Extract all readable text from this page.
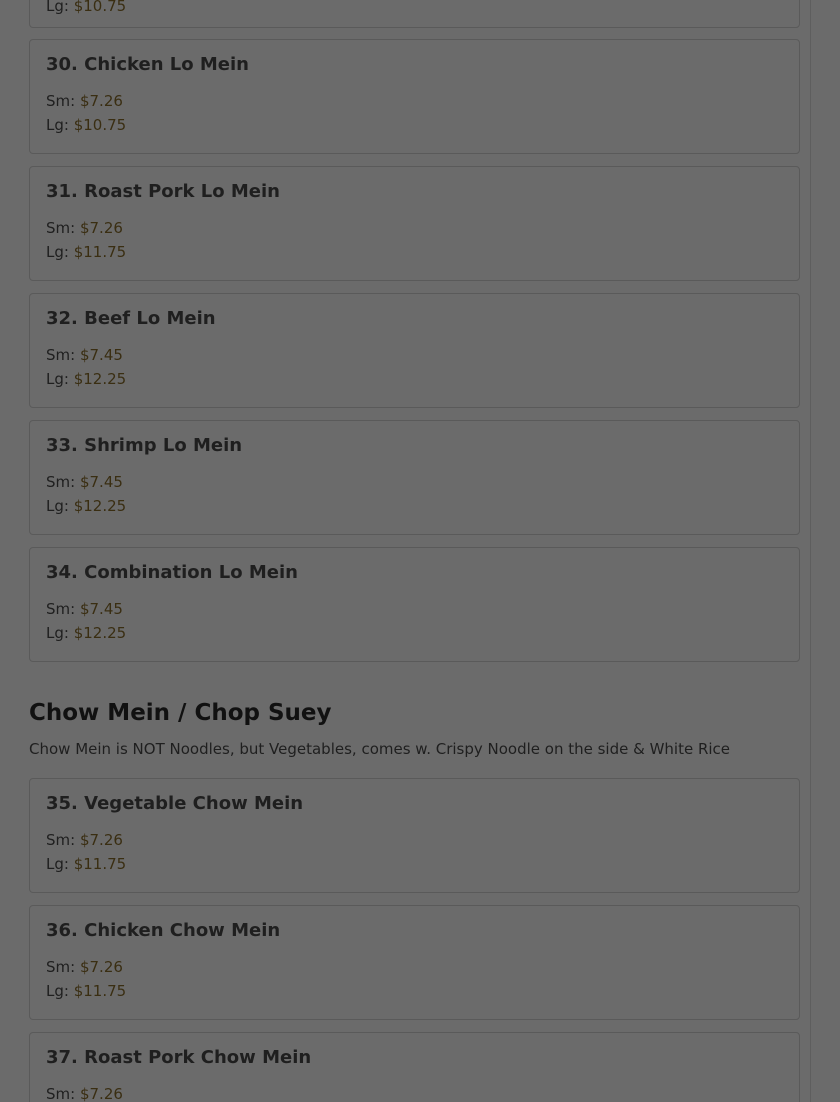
Lg: $10.75
30. Chicken Lo Mein
Sm: $7.26
Lg: $10.75
31. Roast Pork Lo Mein
Sm: $7.26
Lg: $11.75
32. Beef Lo Mein
Sm: $7.45
Lg: $12.25
33. Shrimp Lo Mein
Sm: $7.45
Lg: $12.25
34. Combination Lo Mein
Sm: $7.45
Lg: $12.25
Chow Mein / Chop Suey
Chow Mein is NOT Noodles, but Vegetables, comes w. Crispy Noodle on the side & White Rice
35. Vegetable Chow Mein
Sm: $7.26
Lg: $11.75
36. Chicken Chow Mein
Sm: $7.26
Lg: $11.75
37. Roast Pork Chow Mein
Sm: $7.26
